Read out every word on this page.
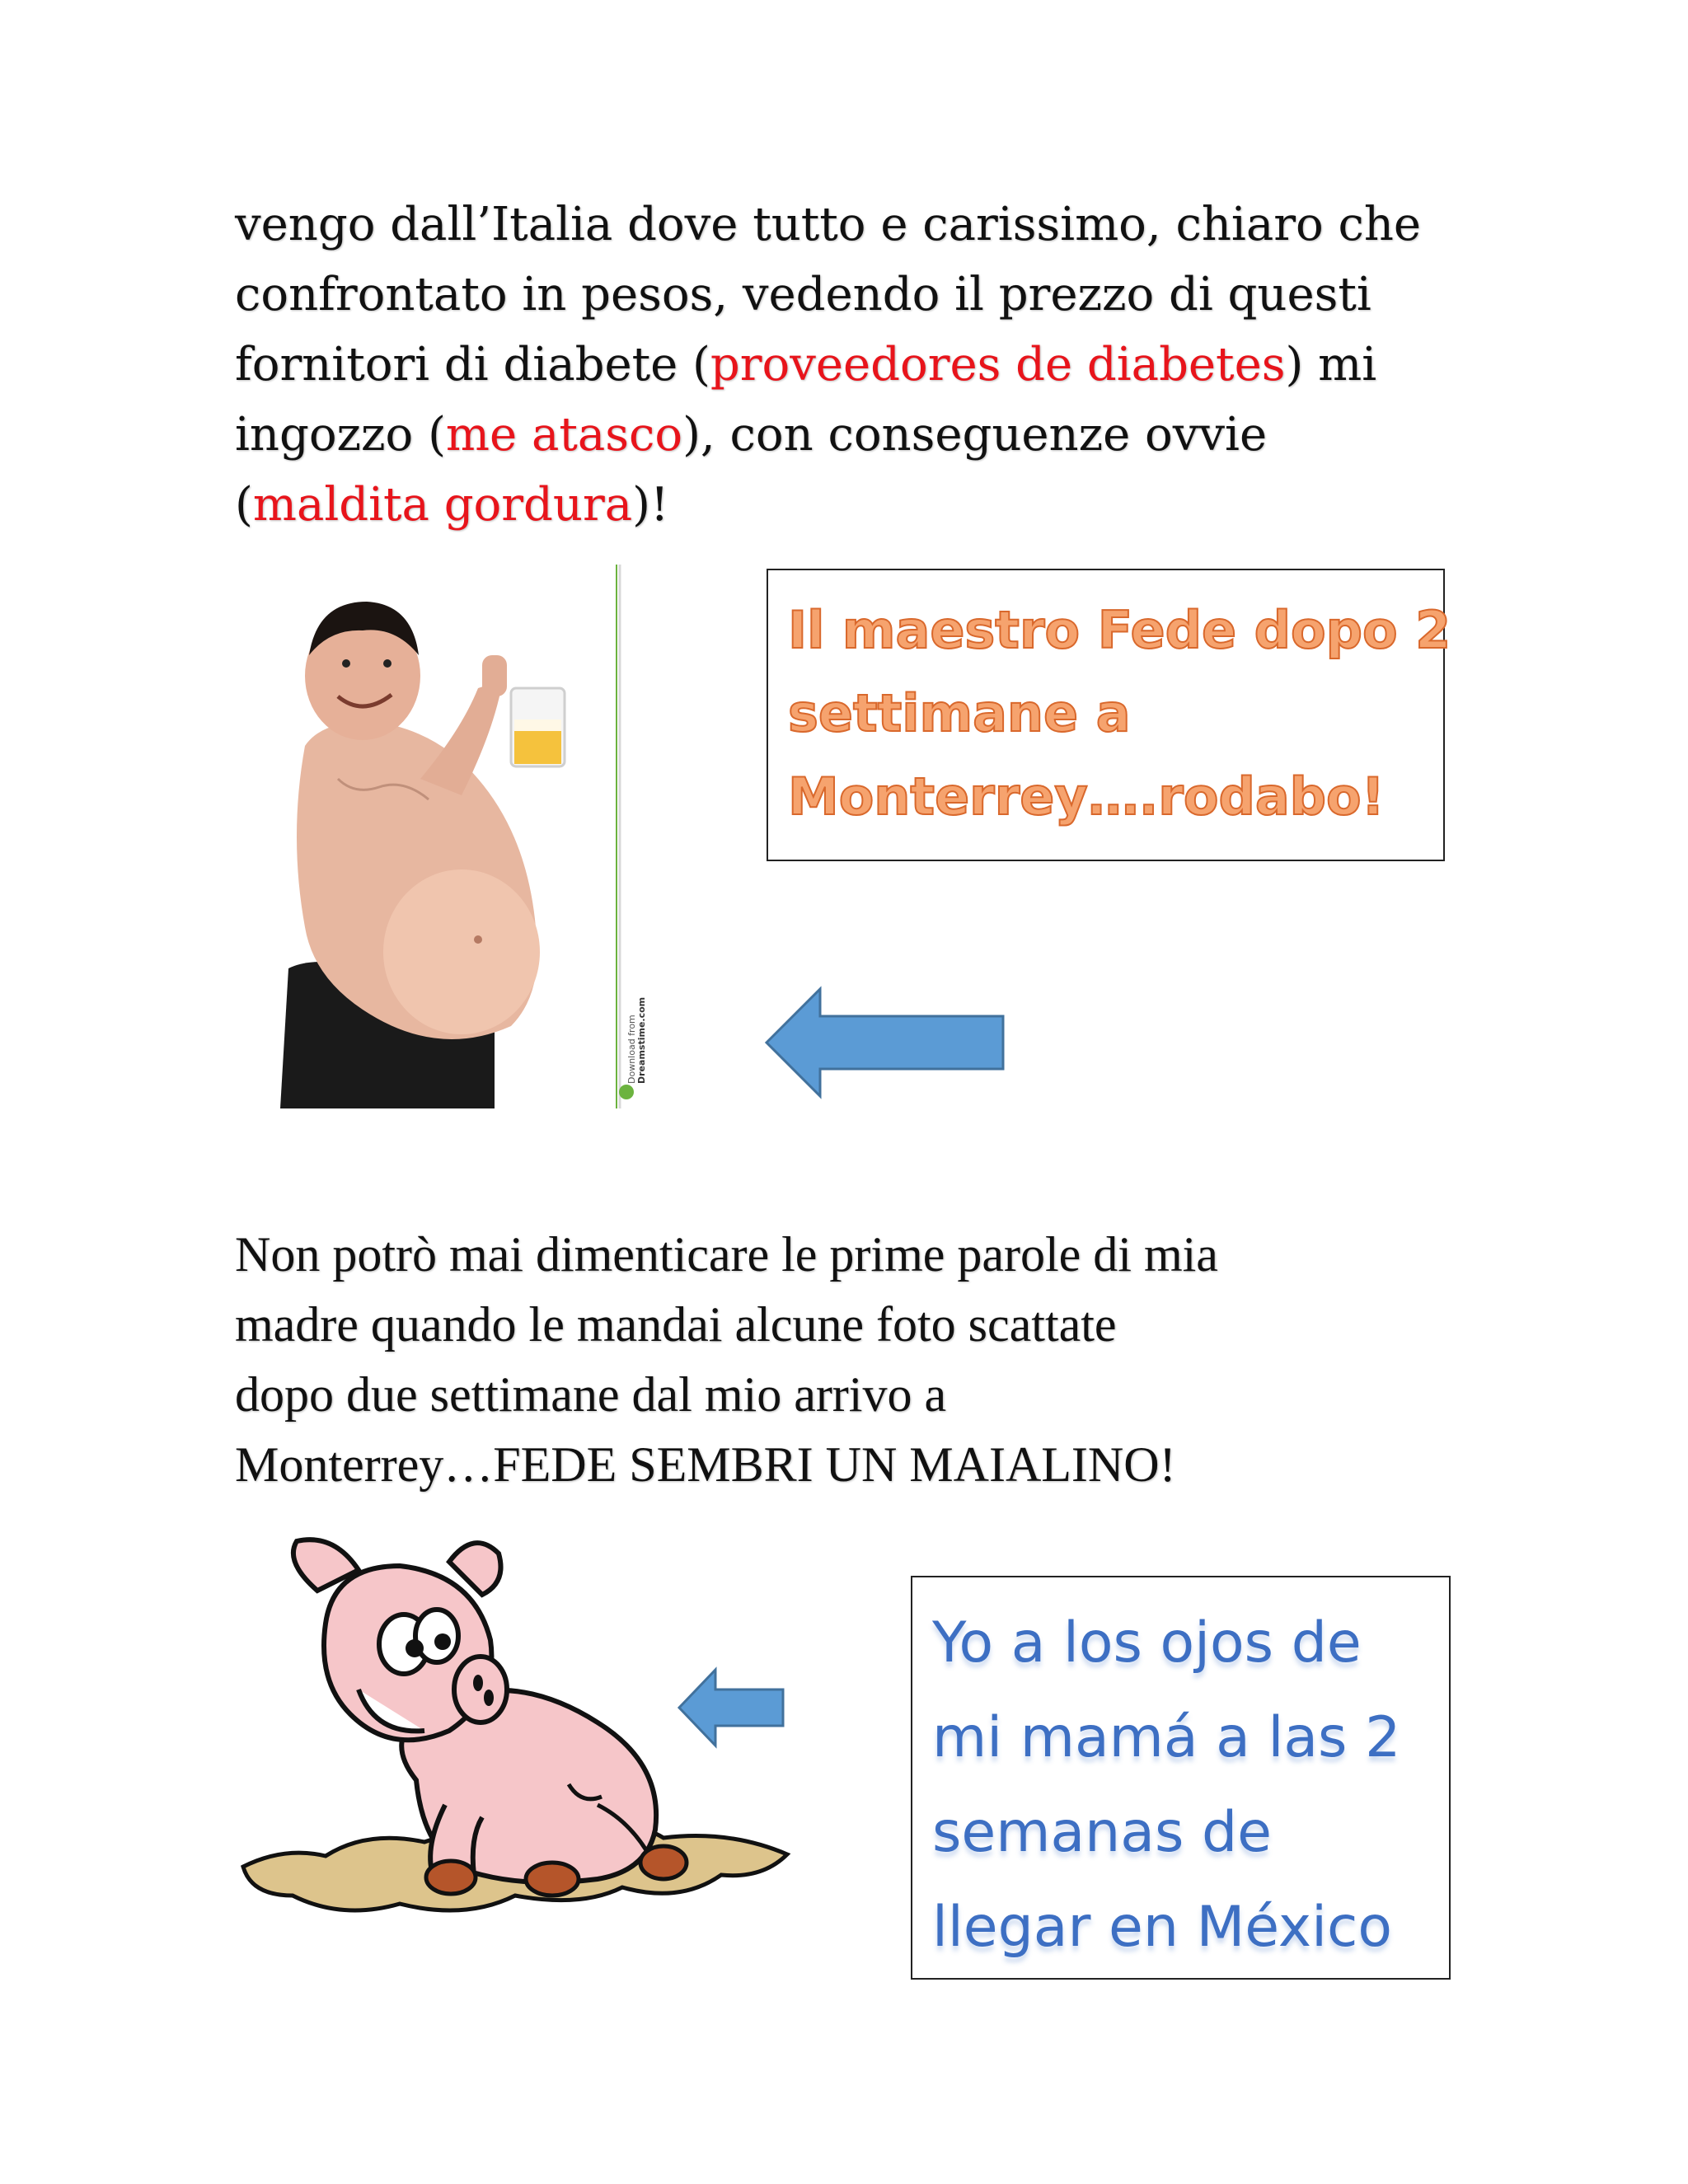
vengo dall’Italia dove tutto e carissimo, chiaro che
confrontato in pesos, vedendo il prezzo di questi
fornitori di diabete (proveedores de diabetes) mi
ingozzo (me atasco), con conseguenze ovvie
(maldita gordura)!
Download from Dreamstime.com
Il maestro Fede dopo 2
settimane a
Monterrey….rodabo!
Non potrò mai dimenticare le prime parole di mia
madre quando le mandai alcune foto scattate
dopo due settimane dal mio arrivo a
Monterrey…FEDE SEMBRI UN MAIALINO!
Yo a los ojos de
mi mamá a las 2
semanas de
llegar en México
